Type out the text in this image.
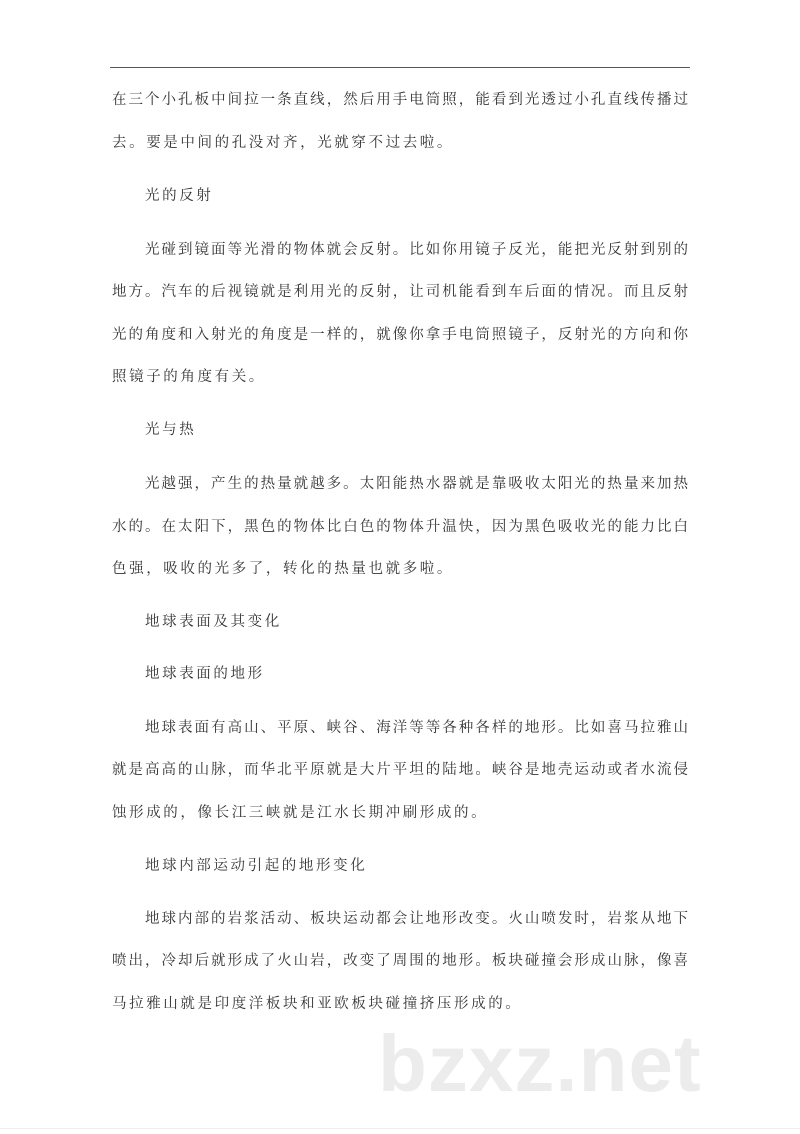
在三个小孔板中间拉一条直线，然后用手电筒照，能看到光透过小孔直线传播过
去。要是中间的孔没对齐，光就穿不过去啦。
光的反射
光碰到镜面等光滑的物体就会反射。比如你用镜子反光，能把光反射到别的
地方。汽车的后视镜就是利用光的反射，让司机能看到车后面的情况。而且反射
光的角度和入射光的角度是一样的，就像你拿手电筒照镜子，反射光的方向和你
照镜子的角度有关。
光与热
光越强，产生的热量就越多。太阳能热水器就是靠吸收太阳光的热量来加热
水的。在太阳下，黑色的物体比白色的物体升温快，因为黑色吸收光的能力比白
色强，吸收的光多了，转化的热量也就多啦。
地球表面及其变化
地球表面的地形
地球表面有高山、平原、峡谷、海洋等等各种各样的地形。比如喜马拉雅山
就是高高的山脉，而华北平原就是大片平坦的陆地。峡谷是地壳运动或者水流侵
蚀形成的，像长江三峡就是江水长期冲刷形成的。
地球内部运动引起的地形变化
地球内部的岩浆活动、板块运动都会让地形改变。火山喷发时，岩浆从地下
喷出，冷却后就形成了火山岩，改变了周围的地形。板块碰撞会形成山脉，像喜
马拉雅山就是印度洋板块和亚欧板块碰撞挤压形成的。
bzxz.net
